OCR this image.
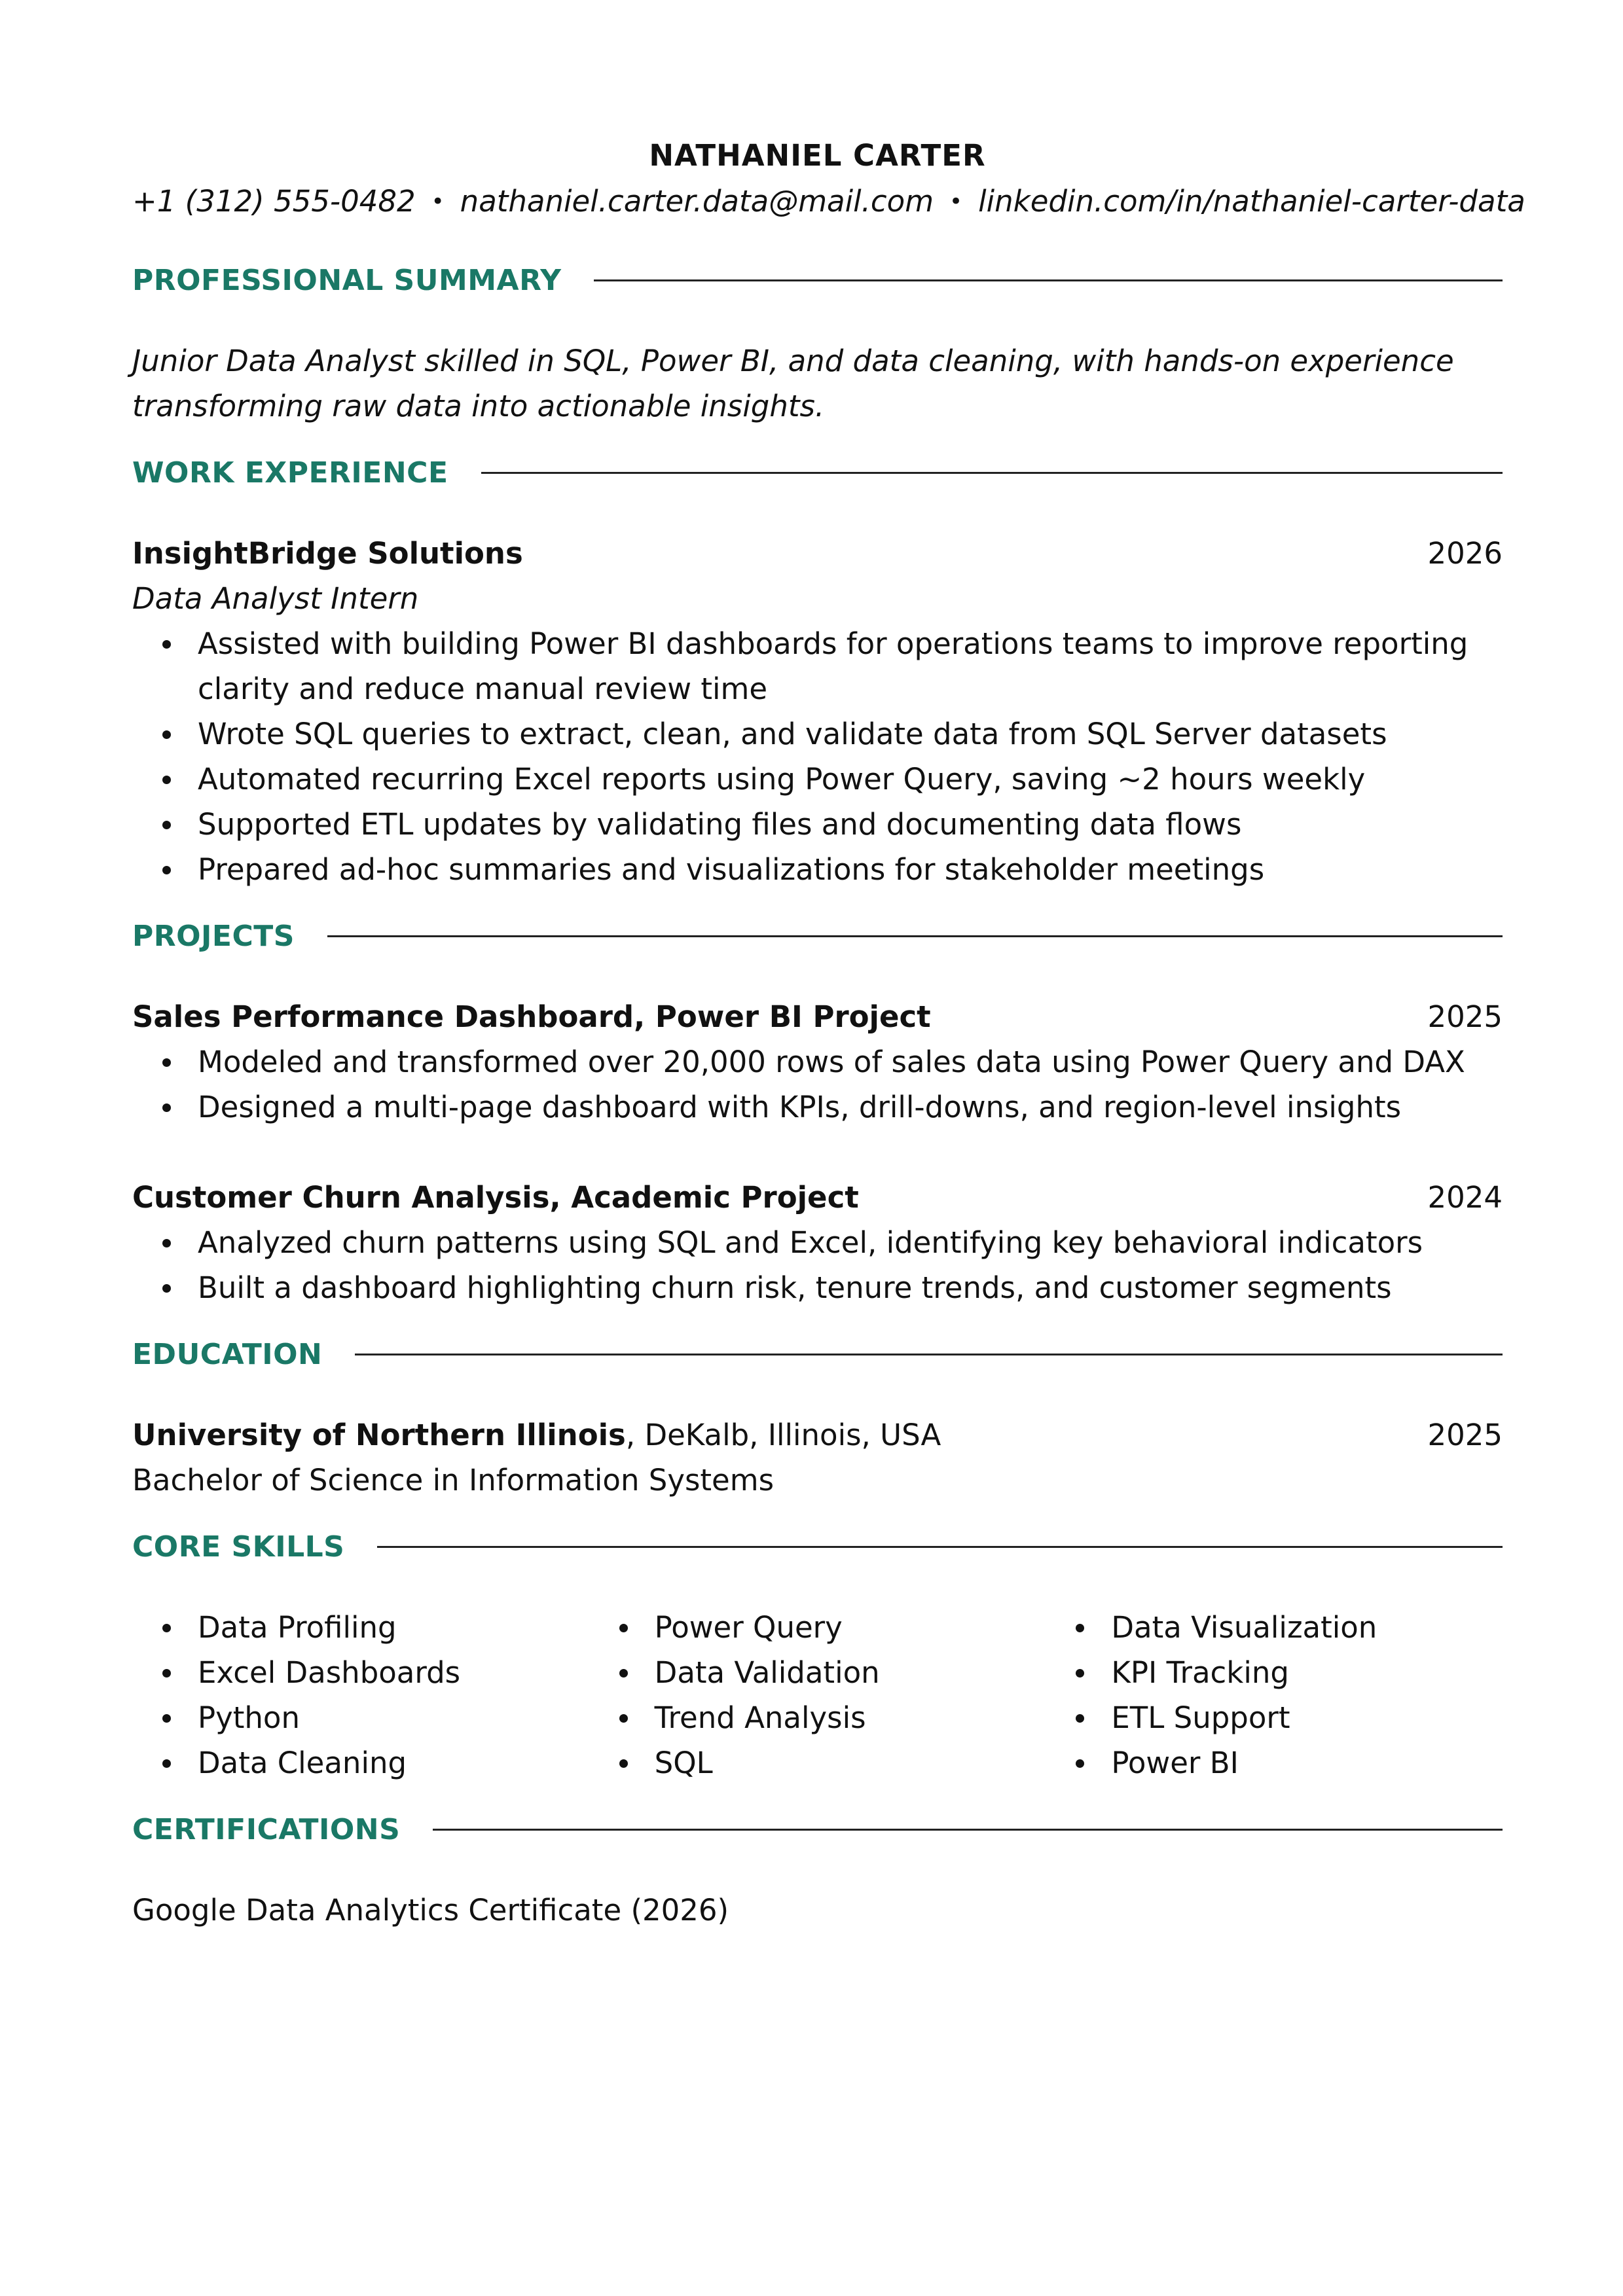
NATHANIEL CARTER

+1 (312) 555-0482 • nathaniel.carter.data@mail.com • linkedin.com/in/nathaniel-carter-data

PROFESSIONAL SUMMARY

Junior Data Analyst skilled in SQL, Power BI, and data cleaning, with hands-on experience transforming raw data into actionable insights.

WORK EXPERIENCE
InsightBridge Solutions	2026
Data Analyst Intern
Assisted with building Power BI dashboards for operations teams to improve reporting clarity and reduce manual review time
Wrote SQL queries to extract, clean, and validate data from SQL Server datasets
Automated recurring Excel reports using Power Query, saving ~2 hours weekly
Supported ETL updates by validating files and documenting data flows
Prepared ad-hoc summaries and visualizations for stakeholder meetings
PROJECTS
Sales Performance Dashboard, Power BI Project	2025
Modeled and transformed over 20,000 rows of sales data using Power Query and DAX
Designed a multi-page dashboard with KPIs, drill-downs, and region-level insights
Customer Churn Analysis, Academic Project	2024
Analyzed churn patterns using SQL and Excel, identifying key behavioral indicators
Built a dashboard highlighting churn risk, tenure trends, and customer segments
EDUCATION
University of Northern Illinois, DeKalb, Illinois, USA	2025
Bachelor of Science in Information Systems
CORE SKILLS
Data Profiling
Excel Dashboards
Python
Data Cleaning
Power Query
Data Validation
Trend Analysis
SQL
Data Visualization
KPI Tracking
ETL Support
Power BI
CERTIFICATIONS
Google Data Analytics Certificate (2026)
